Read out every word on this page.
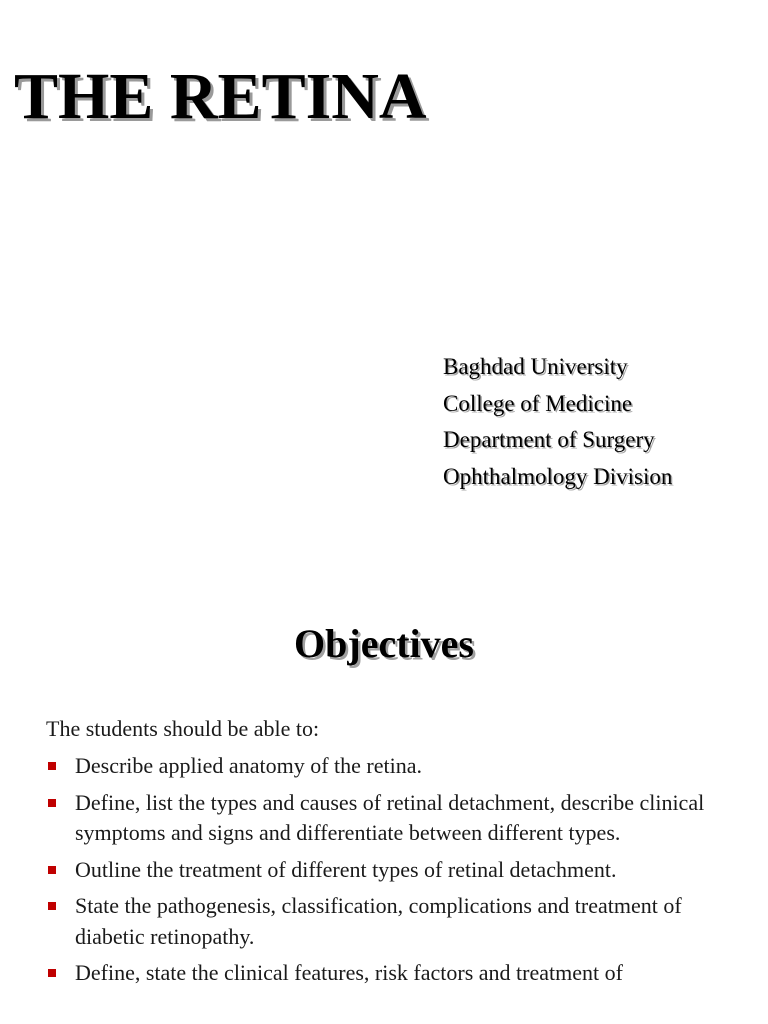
THE RETINA
Baghdad University
College of Medicine
Department of Surgery
Ophthalmology Division
Objectives
The students should be able to:
Describe applied anatomy of the retina.
Define, list the types and causes of retinal detachment, describe clinical symptoms and signs and differentiate between different types.
Outline the treatment of different types of retinal detachment.
State the pathogenesis, classification, complications and treatment of diabetic retinopathy.
Define, state the clinical features, risk factors and treatment of
